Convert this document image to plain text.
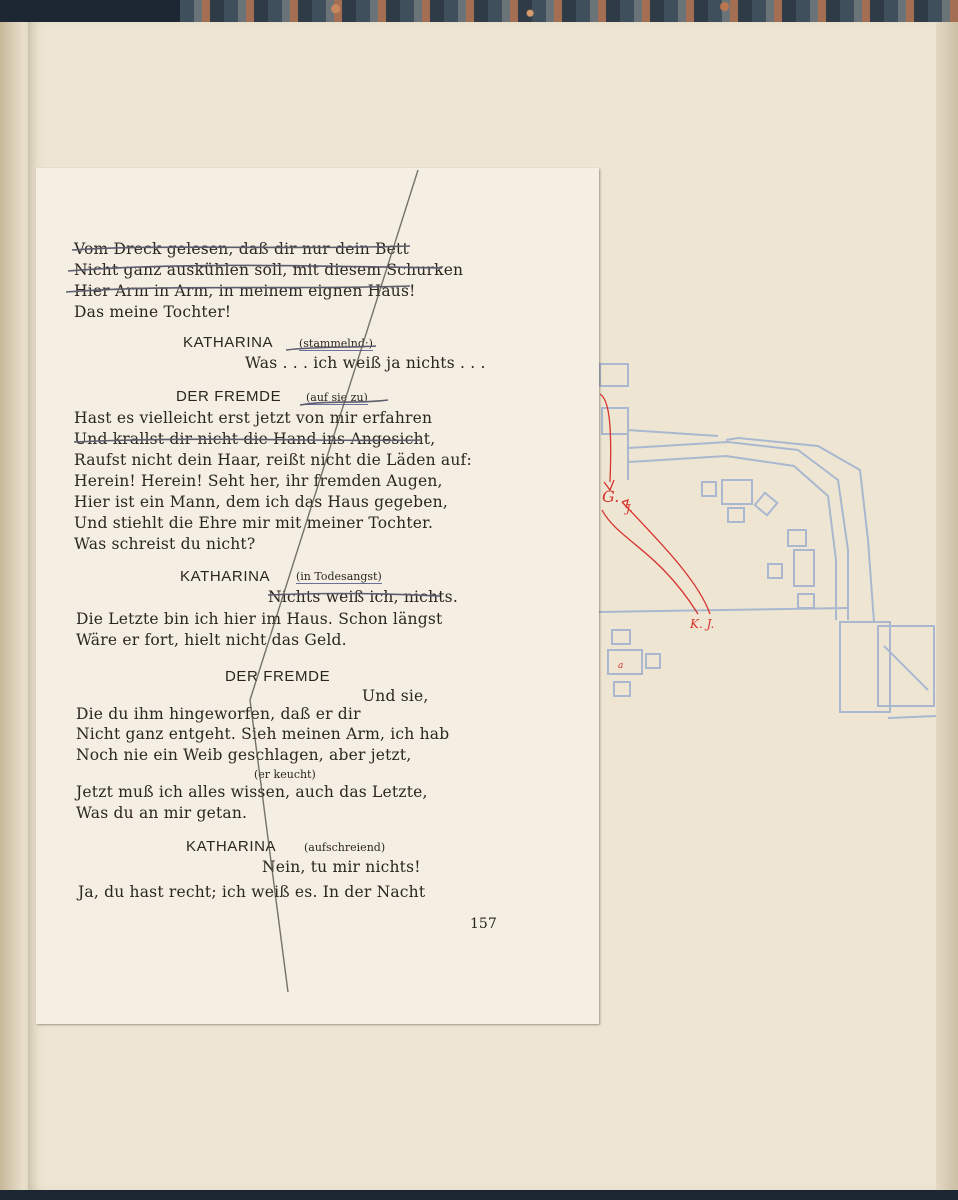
G.
J.
K. J.
a
Vom Dreck gelesen, daß dir nur dein Bett
Nicht ganz auskühlen soll, mit diesem Schurken
Hier Arm in Arm, in meinem eignen Haus!
Das meine Tochter!
KATHARINA (stammelnd:)
Was . . . ich weiß ja nichts . . .
DER FREMDE (auf sie zu)
Hast es vielleicht erst jetzt von mir erfahren
Und krallst dir nicht die Hand ins Angesicht,
Raufst nicht dein Haar, reißt nicht die Läden auf:
Herein! Herein! Seht her, ihr fremden Augen,
Hier ist ein Mann, dem ich das Haus gegeben,
Und stiehlt die Ehre mir mit meiner Tochter.
Was schreist du nicht?
KATHARINA (in Todesangst)
Nichts weiß ich, nichts.
Die Letzte bin ich hier im Haus. Schon längst
Wäre er fort, hielt nicht das Geld.
DER FREMDE
Und sie,
Die du ihm hingeworfen, daß er dir
Nicht ganz entgeht. Sieh meinen Arm, ich hab
Noch nie ein Weib geschlagen, aber jetzt,
(er keucht)
Jetzt muß ich alles wissen, auch das Letzte,
Was du an mir getan.
KATHARINA	(aufschreiend)
Nein, tu mir nichts!
Ja, du hast recht; ich weiß es. In der Nacht
157
